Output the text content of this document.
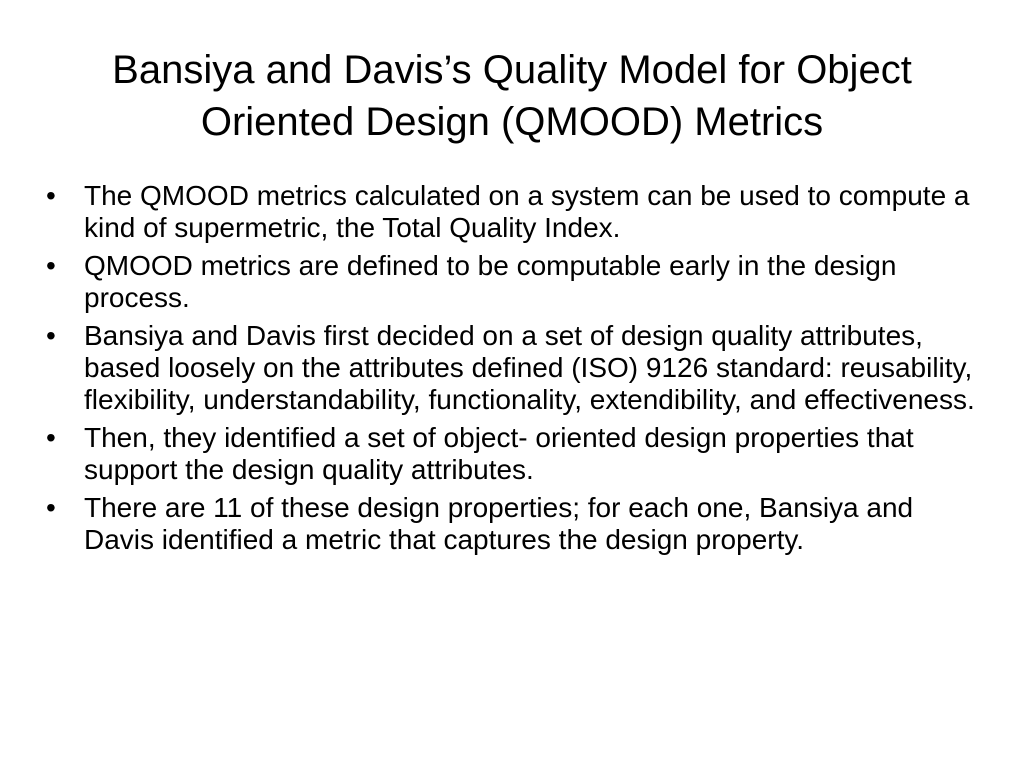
Bansiya and Davis’s Quality Model for Object Oriented Design (QMOOD) Metrics
•	The QMOOD metrics calculated on a system can be used to compute a kind of supermetric, the Total Quality Index.
•	QMOOD metrics are defined to be computable early in the design process.
•	Bansiya and Davis first decided on a set of design quality attributes, based loosely on the attributes defined (ISO) 9126 standard: reusability, flexibility, understandability, functionality, extendibility, and effectiveness.
•	Then, they identified a set of object- oriented design properties that support the design quality attributes.
•	There are 11 of these design properties; for each one, Bansiya and Davis identified a metric that captures the design property.
